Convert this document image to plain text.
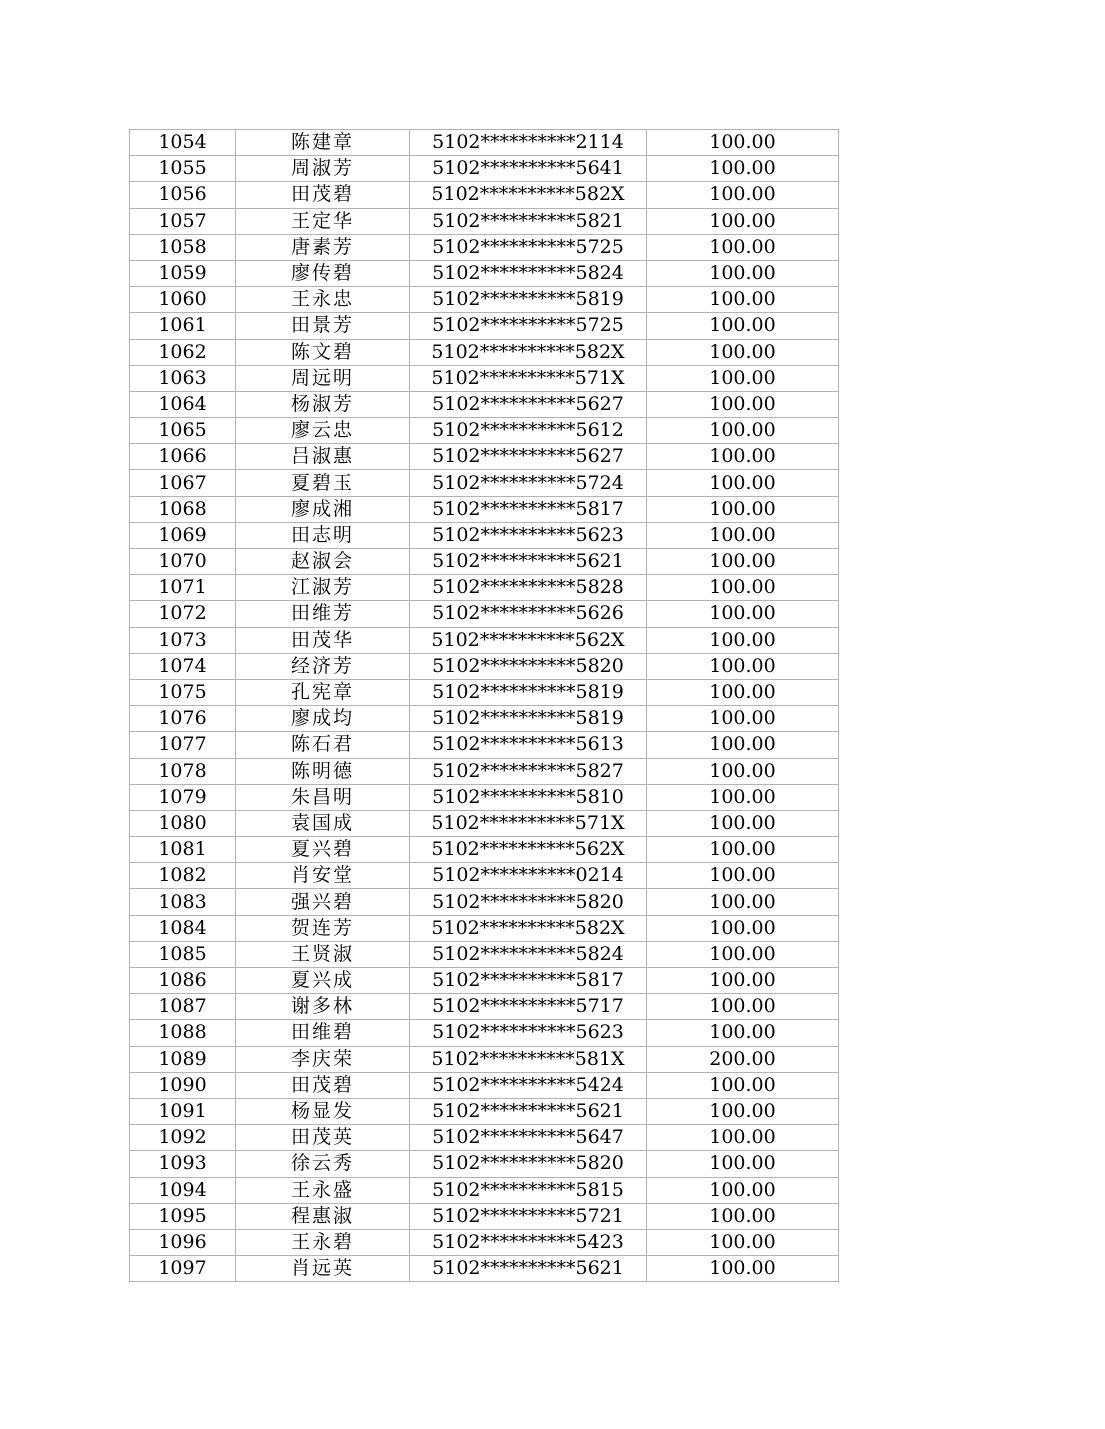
1054	陈建章	5102**********2114	100.00
1055	周淑芳	5102**********5641	100.00
1056	田茂碧	5102**********582X	100.00
1057	王定华	5102**********5821	100.00
1058	唐素芳	5102**********5725	100.00
1059	廖传碧	5102**********5824	100.00
1060	王永忠	5102**********5819	100.00
1061	田景芳	5102**********5725	100.00
1062	陈文碧	5102**********582X	100.00
1063	周远明	5102**********571X	100.00
1064	杨淑芳	5102**********5627	100.00
1065	廖云忠	5102**********5612	100.00
1066	吕淑惠	5102**********5627	100.00
1067	夏碧玉	5102**********5724	100.00
1068	廖成湘	5102**********5817	100.00
1069	田志明	5102**********5623	100.00
1070	赵淑会	5102**********5621	100.00
1071	江淑芳	5102**********5828	100.00
1072	田维芳	5102**********5626	100.00
1073	田茂华	5102**********562X	100.00
1074	经济芳	5102**********5820	100.00
1075	孔宪章	5102**********5819	100.00
1076	廖成均	5102**********5819	100.00
1077	陈石君	5102**********5613	100.00
1078	陈明德	5102**********5827	100.00
1079	朱昌明	5102**********5810	100.00
1080	袁国成	5102**********571X	100.00
1081	夏兴碧	5102**********562X	100.00
1082	肖安堂	5102**********0214	100.00
1083	强兴碧	5102**********5820	100.00
1084	贺连芳	5102**********582X	100.00
1085	王贤淑	5102**********5824	100.00
1086	夏兴成	5102**********5817	100.00
1087	谢多林	5102**********5717	100.00
1088	田维碧	5102**********5623	100.00
1089	李庆荣	5102**********581X	200.00
1090	田茂碧	5102**********5424	100.00
1091	杨显发	5102**********5621	100.00
1092	田茂英	5102**********5647	100.00
1093	徐云秀	5102**********5820	100.00
1094	王永盛	5102**********5815	100.00
1095	程惠淑	5102**********5721	100.00
1096	王永碧	5102**********5423	100.00
1097	肖远英	5102**********5621	100.00
